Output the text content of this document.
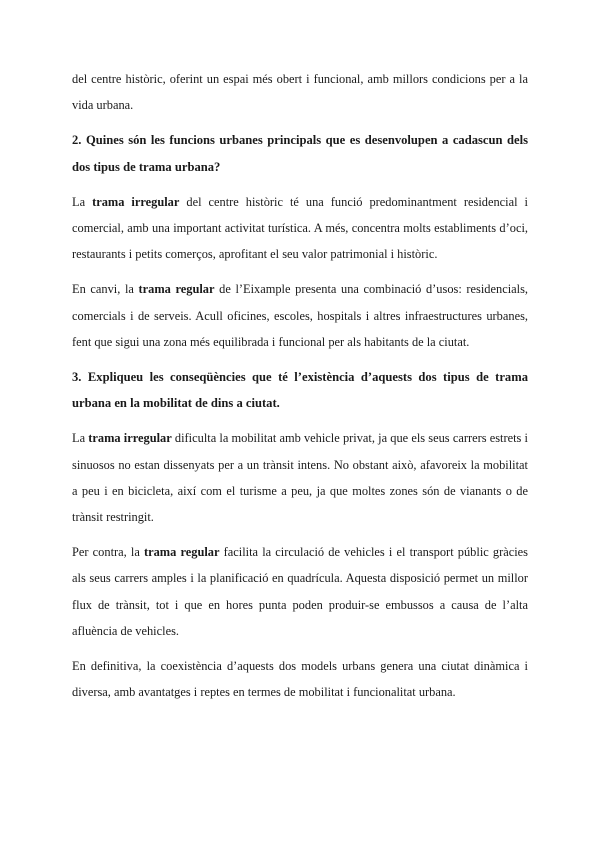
del centre històric, oferint un espai més obert i funcional, amb millors condicions per a la vida urbana.

2. Quines són les funcions urbanes principals que es desenvolupen a cadascun dels dos tipus de trama urbana?

La trama irregular del centre històric té una funció predominantment residencial i comercial, amb una important activitat turística. A més, concentra molts establiments d’oci, restaurants i petits comerços, aprofitant el seu valor patrimonial i històric.

En canvi, la trama regular de l’Eixample presenta una combinació d’usos: residencials, comercials i de serveis. Acull oficines, escoles, hospitals i altres infraestructures urbanes, fent que sigui una zona més equilibrada i funcional per als habitants de la ciutat.

3. Expliqueu les conseqüències que té l’existència d’aquests dos tipus de trama urbana en la mobilitat de dins a ciutat.

La trama irregular dificulta la mobilitat amb vehicle privat, ja que els seus carrers estrets i sinuosos no estan dissenyats per a un trànsit intens. No obstant això, afavoreix la mobilitat a peu i en bicicleta, així com el turisme a peu, ja que moltes zones són de vianants o de trànsit restringit.

Per contra, la trama regular facilita la circulació de vehicles i el transport públic gràcies als seus carrers amples i la planificació en quadrícula. Aquesta disposició permet un millor flux de trànsit, tot i que en hores punta poden produir-se embussos a causa de l’alta afluència de vehicles.

En definitiva, la coexistència d’aquests dos models urbans genera una ciutat dinàmica i diversa, amb avantatges i reptes en termes de mobilitat i funcionalitat urbana.
